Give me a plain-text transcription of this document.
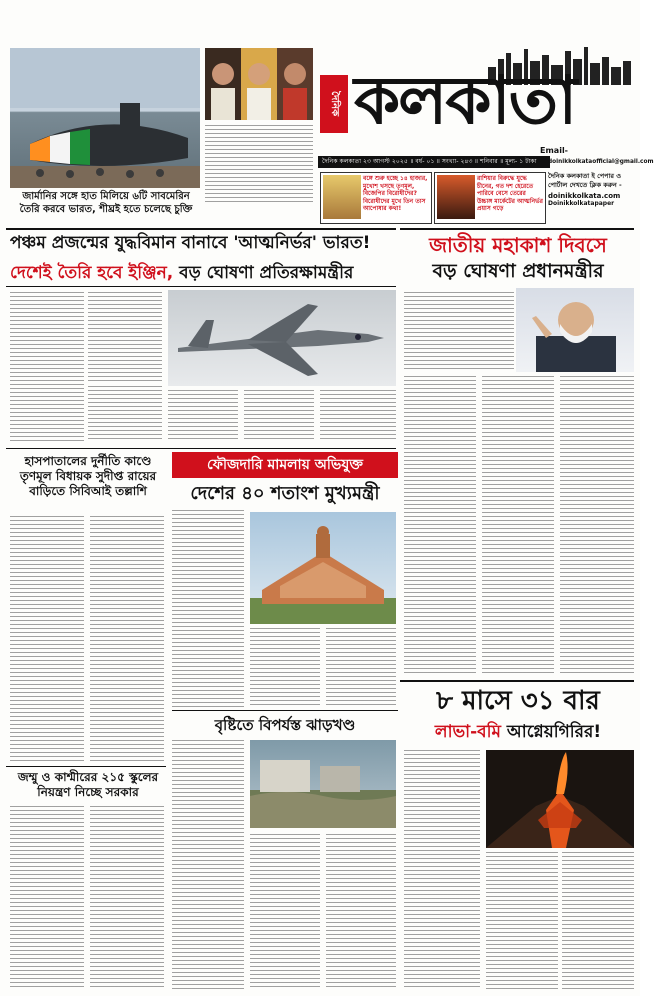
জার্মানির সঙ্গে হাত মিলিয়ে ৬টি সাবমেরিন তৈরি করবে ভারত, শীঘ্রই হতে চলেছে চুক্তি
দৈনিক কলকাতা
Email-
দৈনিক কলকাতা ২৩ আগস্ট ২০২৫ ॥ বর্ষ- ০১ ॥ সংখ্যা- ২৪৩ ॥ শনিবার ॥ মূল্য- ১ টাকা	doinikkolkataofficial@gmail.com
বঙ্গে শুরু হচ্ছে ১৪ হাজার, মুখোশ খসছে তৃণমূল, বিজেপির বিরোধীদের? বিরোধীদের মুখে তিন তাস আপোষার কথা!
রাশিয়ার বিরুদ্ধে যুদ্ধে চীনের, গত দশ হেরেতে পারিবে বেসে তেরের উচ্চাঙ্গ মার্কেটের আত্মনির্ভর প্রয়াস গড়ে
দৈনিক কলকাতা ই পেপার ও পোর্টাল দেখতে ক্লিক করুন -
doinikkolkata.com
Doinikkolkatapaper
পঞ্চম প্রজন্মের যুদ্ধবিমান বানাবে 'আত্মনির্ভর' ভারত!
দেশেই তৈরি হবে ইঞ্জিন, বড় ঘোষণা প্রতিরক্ষামন্ত্রীর
জাতীয় মহাকাশ দিবসে
বড় ঘোষণা প্রধানমন্ত্রীর
হাসপাতালের দুর্নীতি কাণ্ডে তৃণমূল বিধায়ক সুদীপ্ত রায়ের বাড়িতে সিবিআই তল্লাশি
ফৌজদারি মামলায় অভিযুক্ত
দেশের ৪০ শতাংশ মুখ্যমন্ত্রী
বৃষ্টিতে বিপর্যস্ত ঝাড়খণ্ড
জম্মু ও কাশ্মীরের ২১৫ স্কুলের নিয়ন্ত্রণ নিচ্ছে সরকার
৮ মাসে ৩১ বার
লাভা-বমি আগ্নেয়গিরির!
